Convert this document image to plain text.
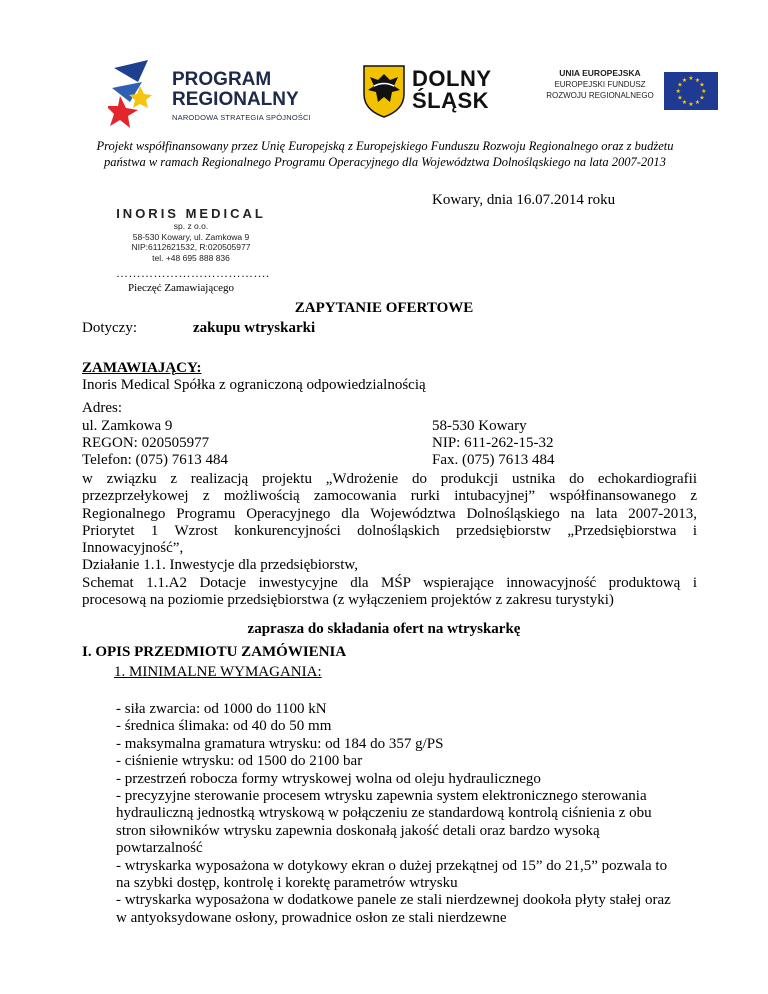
PROGRAM
REGIONALNY
NARODOWA STRATEGIA SPÓJNOŚCI
DOLNY
ŚLĄSK
UNIA EUROPEJSKA
EUROPEJSKI FUNDUSZ
ROZWOJU REGIONALNEGO
★ ★
★
★
★
★
★
★
★
★
★
★
Projekt współfinansowany przez Unię Europejską z Europejskiego Funduszu Rozwoju Regionalnego oraz z budżetu
państwa w ramach Regionalnego Programu Operacyjnego dla Województwa Dolnośląskiego na lata 2007-2013
Kowary, dnia 16.07.2014 roku
INORIS MEDICAL
sp. z o.o.
58-530 Kowary, ul. Zamkowa 9
NIP:6112621532, R:020505977
tel. +48 695 888 836
……………………………….
Pieczęć Zamawiającego
ZAPYTANIE OFERTOWE
Dotyczy:	zakupu wtryskarki
ZAMAWIAJĄCY:
Inoris Medical Spółka z ograniczoną odpowiedzialnością
Adres:
ul. Zamkowa 9	58-530 Kowary
REGON: 020505977	NIP: 611-262-15-32
Telefon: (075) 7613 484	Fax. (075) 7613 484
w związku z realizacją projektu „Wdrożenie do produkcji ustnika do echokardiografii
przezprzełykowej z możliwością zamocowania rurki intubacyjnej” współfinansowanego z
Regionalnego Programu Operacyjnego dla Województwa Dolnośląskiego na lata 2007-2013,
Priorytet 1 Wzrost konkurencyjności dolnośląskich przedsiębiorstw „Przedsiębiorstwa i
Innowacyjność”,
Działanie 1.1. Inwestycje dla przedsiębiorstw,
Schemat 1.1.A2 Dotacje inwestycyjne dla MŚP wspierające innowacyjność produktową i
procesową na poziomie przedsiębiorstwa (z wyłączeniem projektów z zakresu turystyki)
zaprasza do składania ofert na wtryskarkę
I. OPIS PRZEDMIOTU ZAMÓWIENIA
1. MINIMALNE WYMAGANIA:
- siła zwarcia: od 1000 do 1100 kN
- średnica ślimaka: od 40 do 50 mm
- maksymalna gramatura wtrysku: od 184 do 357 g/PS
- ciśnienie wtrysku: od 1500 do 2100 bar
- przestrzeń robocza formy wtryskowej wolna od oleju hydraulicznego
- precyzyjne sterowanie procesem wtrysku zapewnia system elektronicznego sterowania
hydrauliczną jednostką wtryskową w połączeniu ze standardową kontrolą ciśnienia z obu
stron siłowników wtrysku zapewnia doskonałą jakość detali oraz bardzo wysoką
powtarzalność
- wtryskarka wyposażona w dotykowy ekran o dużej przekątnej od 15” do 21,5” pozwala to
na szybki dostęp, kontrolę i korektę parametrów wtrysku
- wtryskarka wyposażona w dodatkowe panele ze stali nierdzewnej dookoła płyty stałej oraz
w antyoksydowane osłony, prowadnice osłon ze stali nierdzewne
